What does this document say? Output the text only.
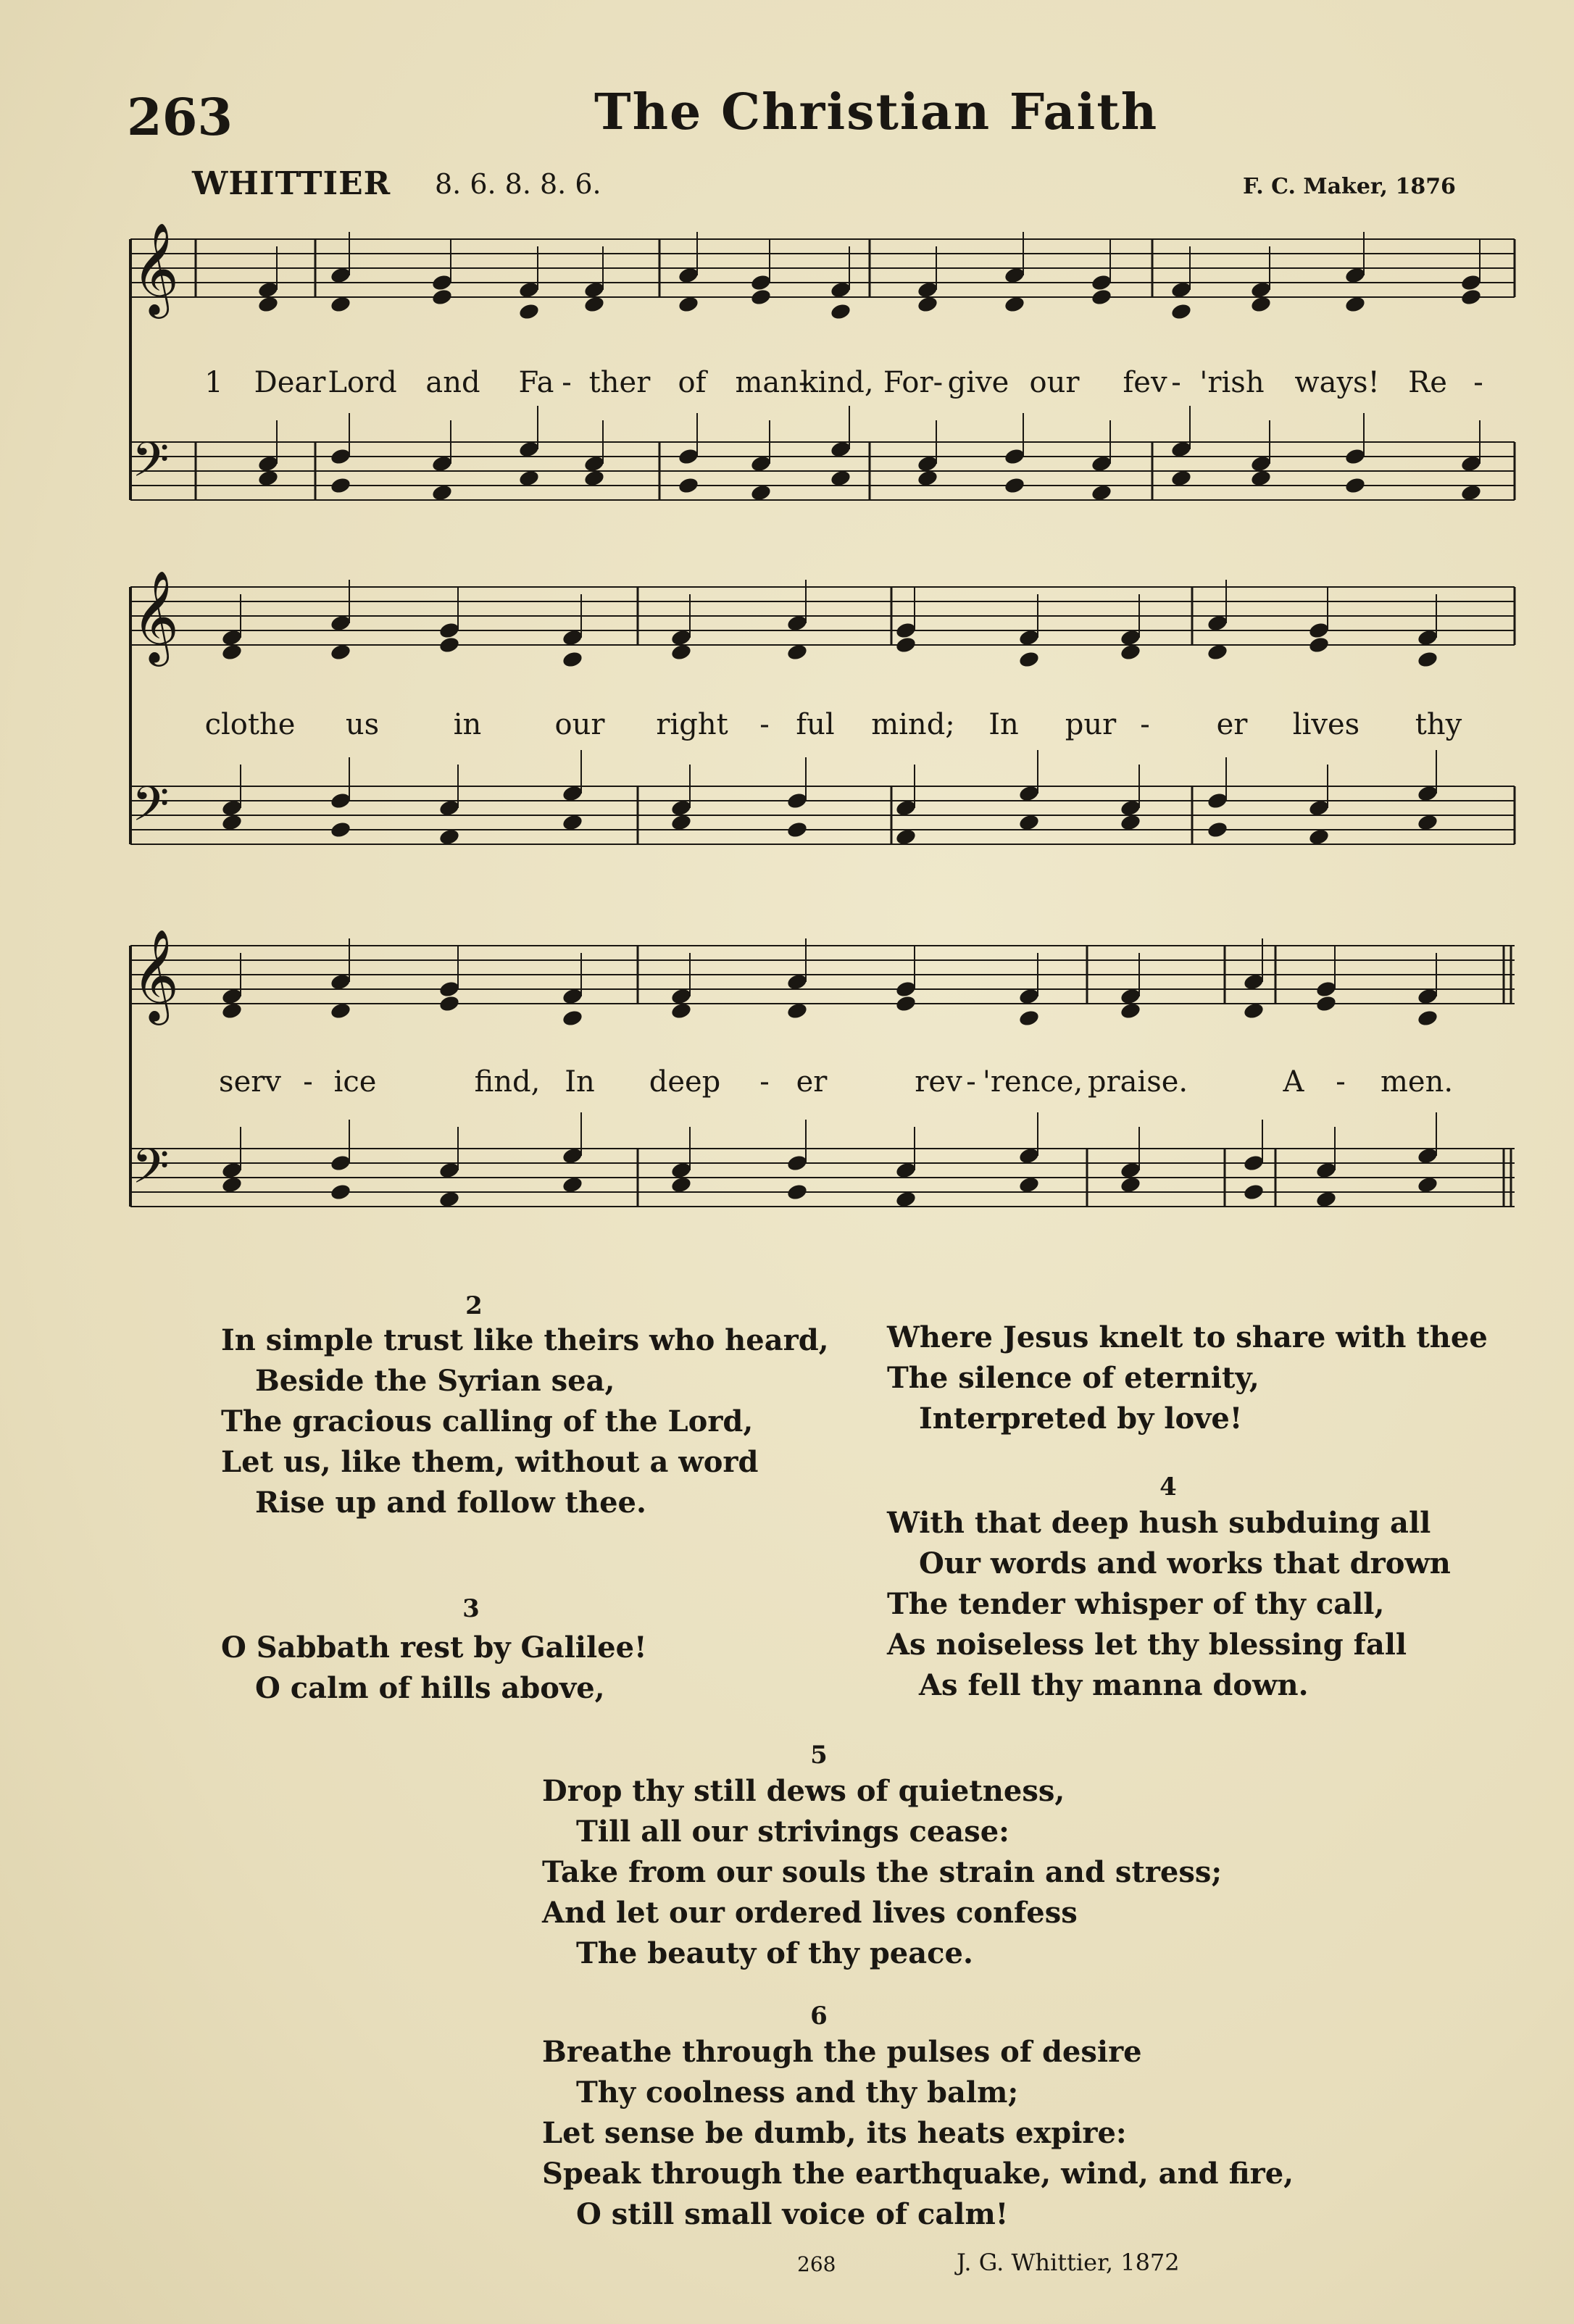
263	The Christian Faith
WHITTIER 8. 6. 8. 8. 6.	F. C. Maker, 1876
𝄞
𝄢
𝄞
𝄢
𝄞
𝄢
1 Dear Lord and Fa - ther of man-
kind, For- give our fev - 'rish ways! Re -
clothe us	in	our right - ful mind; In pur - er lives thy
serv - ice	find, In deep - er	rev - 'rence, praise.	A - men.
2
In simple trust like theirs who heard,
Beside the Syrian sea,
The gracious calling of the Lord,
Let us, like them, without a word
Rise up and follow thee.
3
O Sabbath rest by Galilee!
O calm of hills above,
Where Jesus knelt to share with thee
The silence of eternity,
Interpreted by love!
4
With that deep hush subduing all
Our words and works that drown
The tender whisper of thy call,
As noiseless let thy blessing fall
As fell thy manna down.
5
Drop thy still dews of quietness,
Till all our strivings cease:
Take from our souls the strain and stress;
And let our ordered lives confess
The beauty of thy peace.
6
Breathe through the pulses of desire
Thy coolness and thy balm;
Let sense be dumb, its heats expire:
Speak through the earthquake, wind, and fire,
O still small voice of calm!
268	J. G. Whittier, 1872
